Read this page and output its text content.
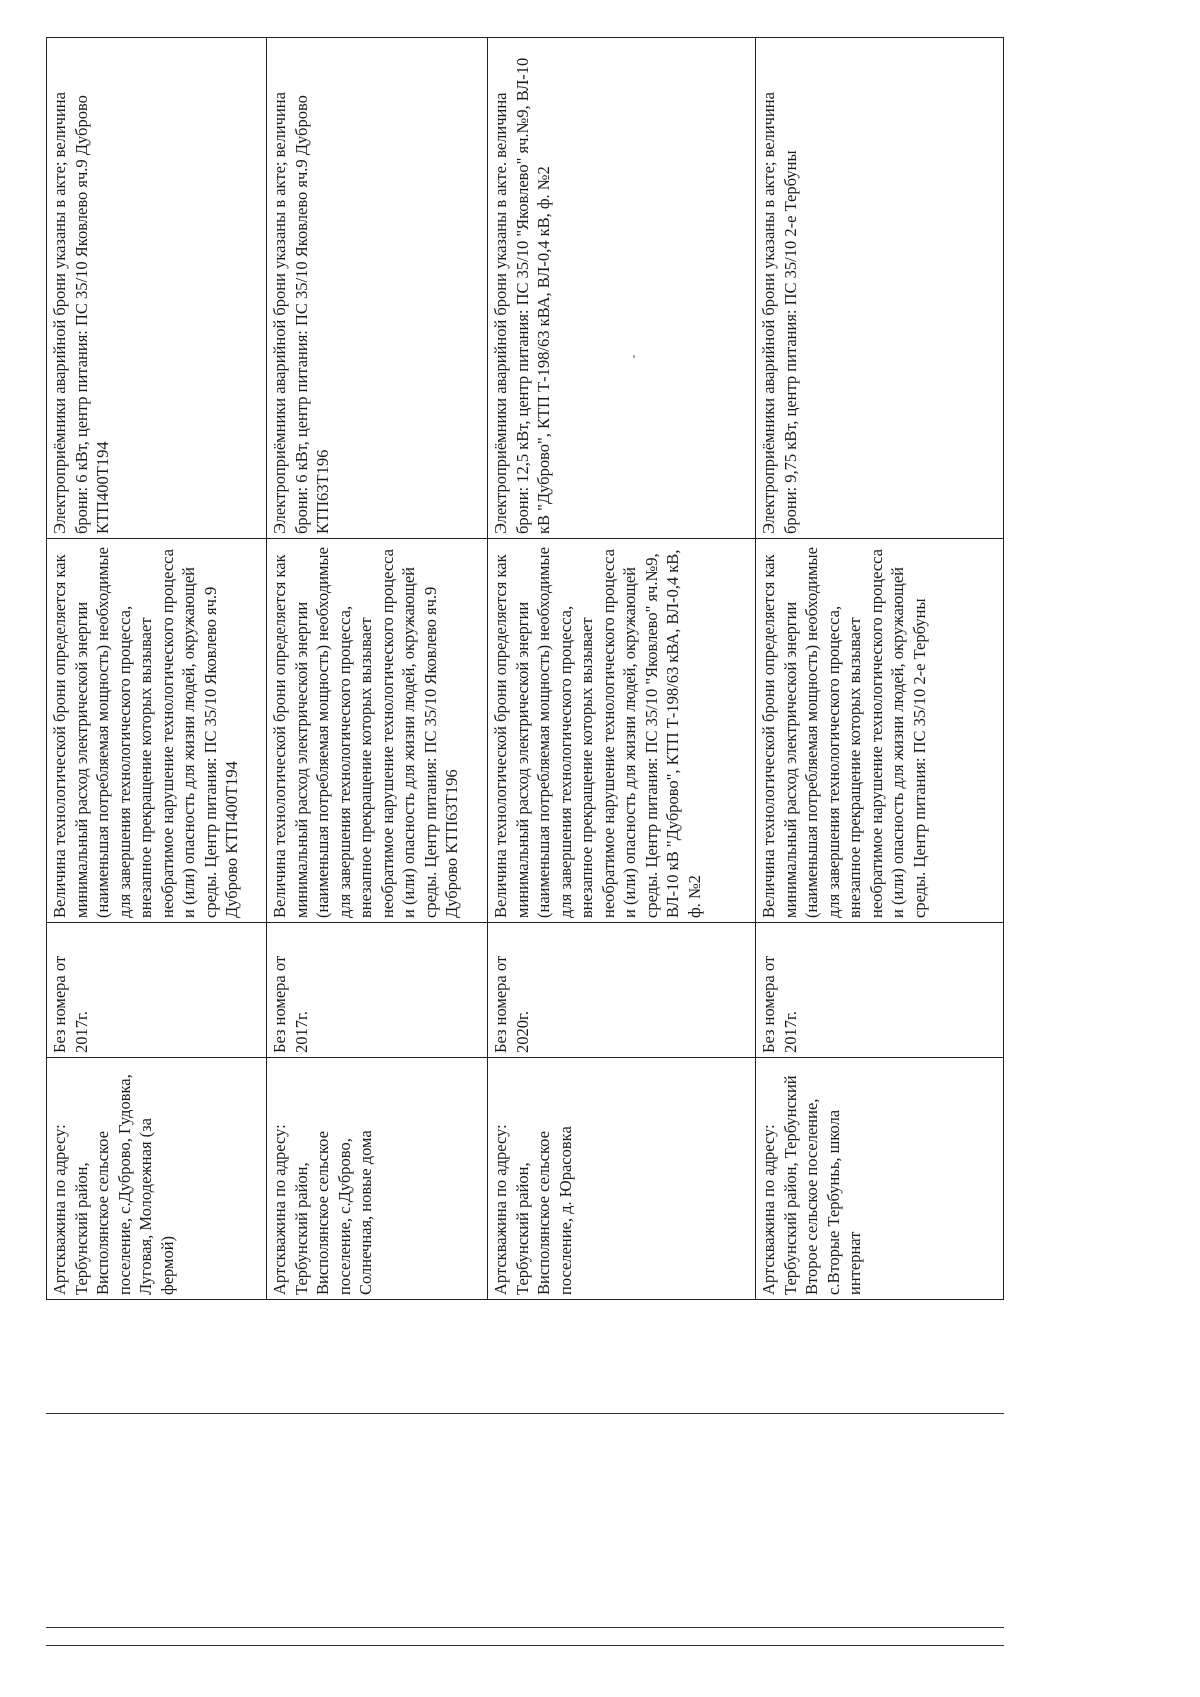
Артскважина по адресу: Тербунский район, Висполянское сельское поселение, с.Дуброво, Гудовка, Луговая, Молодежная (за фермой)	Без номера от 2017г.	Величина технологической брони определяется как минимальный расход электрической энергии (наименьшая потребляемая мощность) необходимые для завершения технологического процесса, внезапное прекращение которых вызывает необратимое нарушение технологического процесса и (или) опасность для жизни людей, окружающей среды. Центр питания: ПС 35/10 Яковлево яч.9 Дуброво КТП400Т194	Электроприёмники аварийной брони указаны в акте; величина брони: 6 кВт, центр питания: ПС 35/10 Яковлево яч.9 Дуброво КТП400Т194
Артскважина по адресу: Тербунский район, Висполянское сельское поселение, с.Дуброво, Солнечная, новые дома	Без номера от 2017г.	Величина технологической брони определяется как минимальный расход электрической энергии (наименьшая потребляемая мощность) необходимые для завершения технологического процесса, внезапное прекращение которых вызывает необратимое нарушение технологического процесса и (или) опасность для жизни людей, окружающей среды. Центр питания: ПС 35/10 Яковлево яч.9 Дуброво КТП63Т196	Электроприёмники аварийной брони указаны в акте; величина брони: 6 кВт, центр питания: ПС 35/10 Яковлево яч.9 Дуброво КТП63Т196
Артскважина по адресу: Тербунский район, Висполянское сельское поселение, д. Юрасовка	Без номера от 2020г.	Величина технологической брони определяется как минимальный расход электрической энергии (наименьшая потребляемая мощность) необходимые для завершения технологического процесса, внезапное прекращение которых вызывает необратимое нарушение технологического процесса и (или) опасность для жизни людей, окружающей среды. Центр питания: ПС 35/10 "Яковлево" яч.№9, ВЛ-10 кВ "Дуброво", КТП Т-198/63 кВА, ВЛ-0,4 кВ, ф. №2	Электроприёмники аварийной брони указаны в акте. величина брони: 12,5 кВт, центр питания: ПС 35/10 "Яковлево" яч.№9, ВЛ-10 кВ "Дуброво", КТП Т-198/63 кВА, ВЛ-0,4 кВ, ф. №2
Артскважина по адресу: Тербунский район, Тербунский Второе сельское поселение, с.Вторые Тербуньь, школа интернат	Без номера от 2017г.	Величина технологической брони определяется как минимальный расход электрической энергии (наименьшая потребляемая мощность) необходимые для завершения технологического процесса, внезапное прекращение которых вызывает необратимое нарушение технологического процесса и (или) опасность для жизни людей, окружающей среды. Центр питания: ПС 35/10 2-е Тербуны	Электроприёмники аварийной брони указаны в акте; величина брони: 9,75 кВт, центр питания: ПС 35/10 2-е Тербуны
